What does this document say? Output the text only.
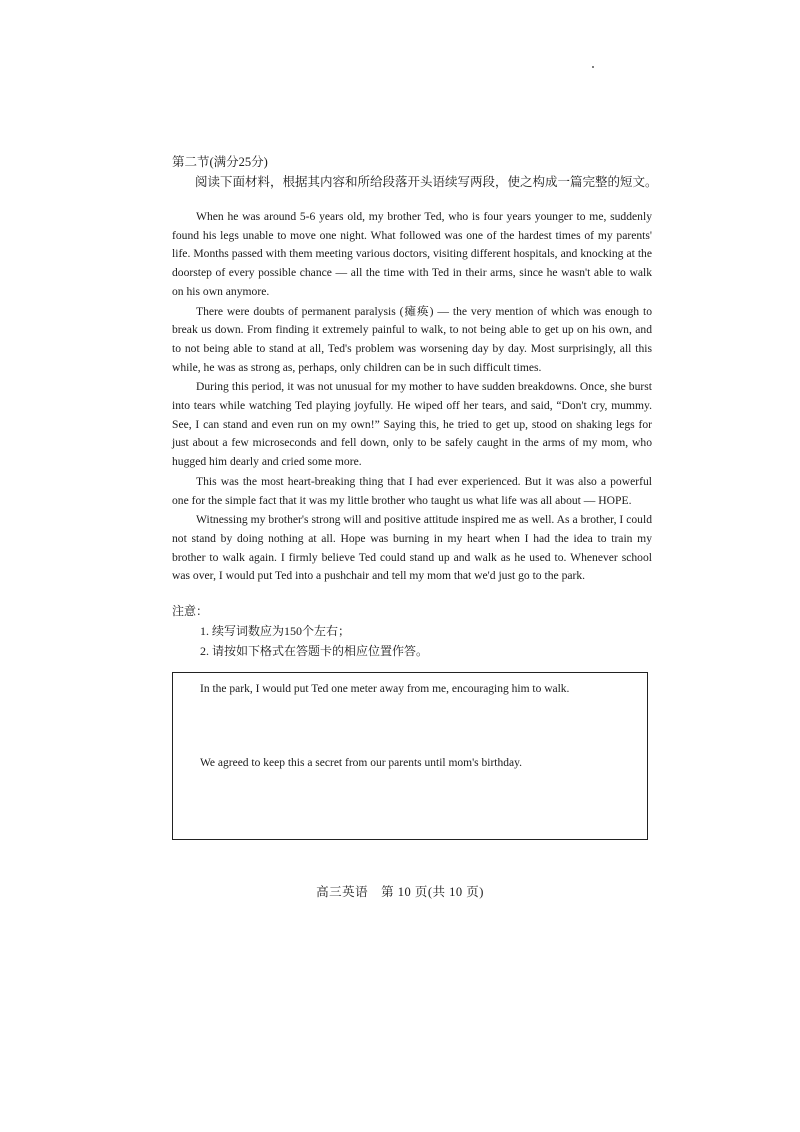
第二节(满分25分)
阅读下面材料，根据其内容和所给段落开头语续写两段，使之构成一篇完整的短文。

When he was around 5-6 years old, my brother Ted, who is four years younger to me, suddenly found his legs unable to move one night. What followed was one of the hardest times of my parents' life. Months passed with them meeting various doctors, visiting different hospitals, and knocking at the doorstep of every possible chance — all the time with Ted in their arms, since he wasn't able to walk on his own anymore.

There were doubts of permanent paralysis (瘫痪) — the very mention of which was enough to break us down. From finding it extremely painful to walk, to not being able to get up on his own, and to not being able to stand at all, Ted's problem was worsening day by day. Most surprisingly, all this while, he was as strong as, perhaps, only children can be in such difficult times.

During this period, it was not unusual for my mother to have sudden breakdowns. Once, she burst into tears while watching Ted playing joyfully. He wiped off her tears, and said, “Don't cry, mummy. See, I can stand and even run on my own!” Saying this, he tried to get up, stood on shaking legs for just about a few microseconds and fell down, only to be safely caught in the arms of my mom, who hugged him dearly and cried some more.

This was the most heart-breaking thing that I had ever experienced. But it was also a powerful one for the simple fact that it was my little brother who taught us what life was all about — HOPE.

Witnessing my brother's strong will and positive attitude inspired me as well. As a brother, I could not stand by doing nothing at all. Hope was burning in my heart when I had the idea to train my brother to walk again. I firmly believe Ted could stand up and walk as he used to. Whenever school was over, I would put Ted into a pushchair and tell my mom that we'd just go to the park.

注意：
1. 续写词数应为150个左右；
2. 请按如下格式在答题卡的相应位置作答。
In the park, I would put Ted one meter away from me, encouraging him to walk.
We agreed to keep this a secret from our parents until mom's birthday.
高三英语　第 10 页(共 10 页)
